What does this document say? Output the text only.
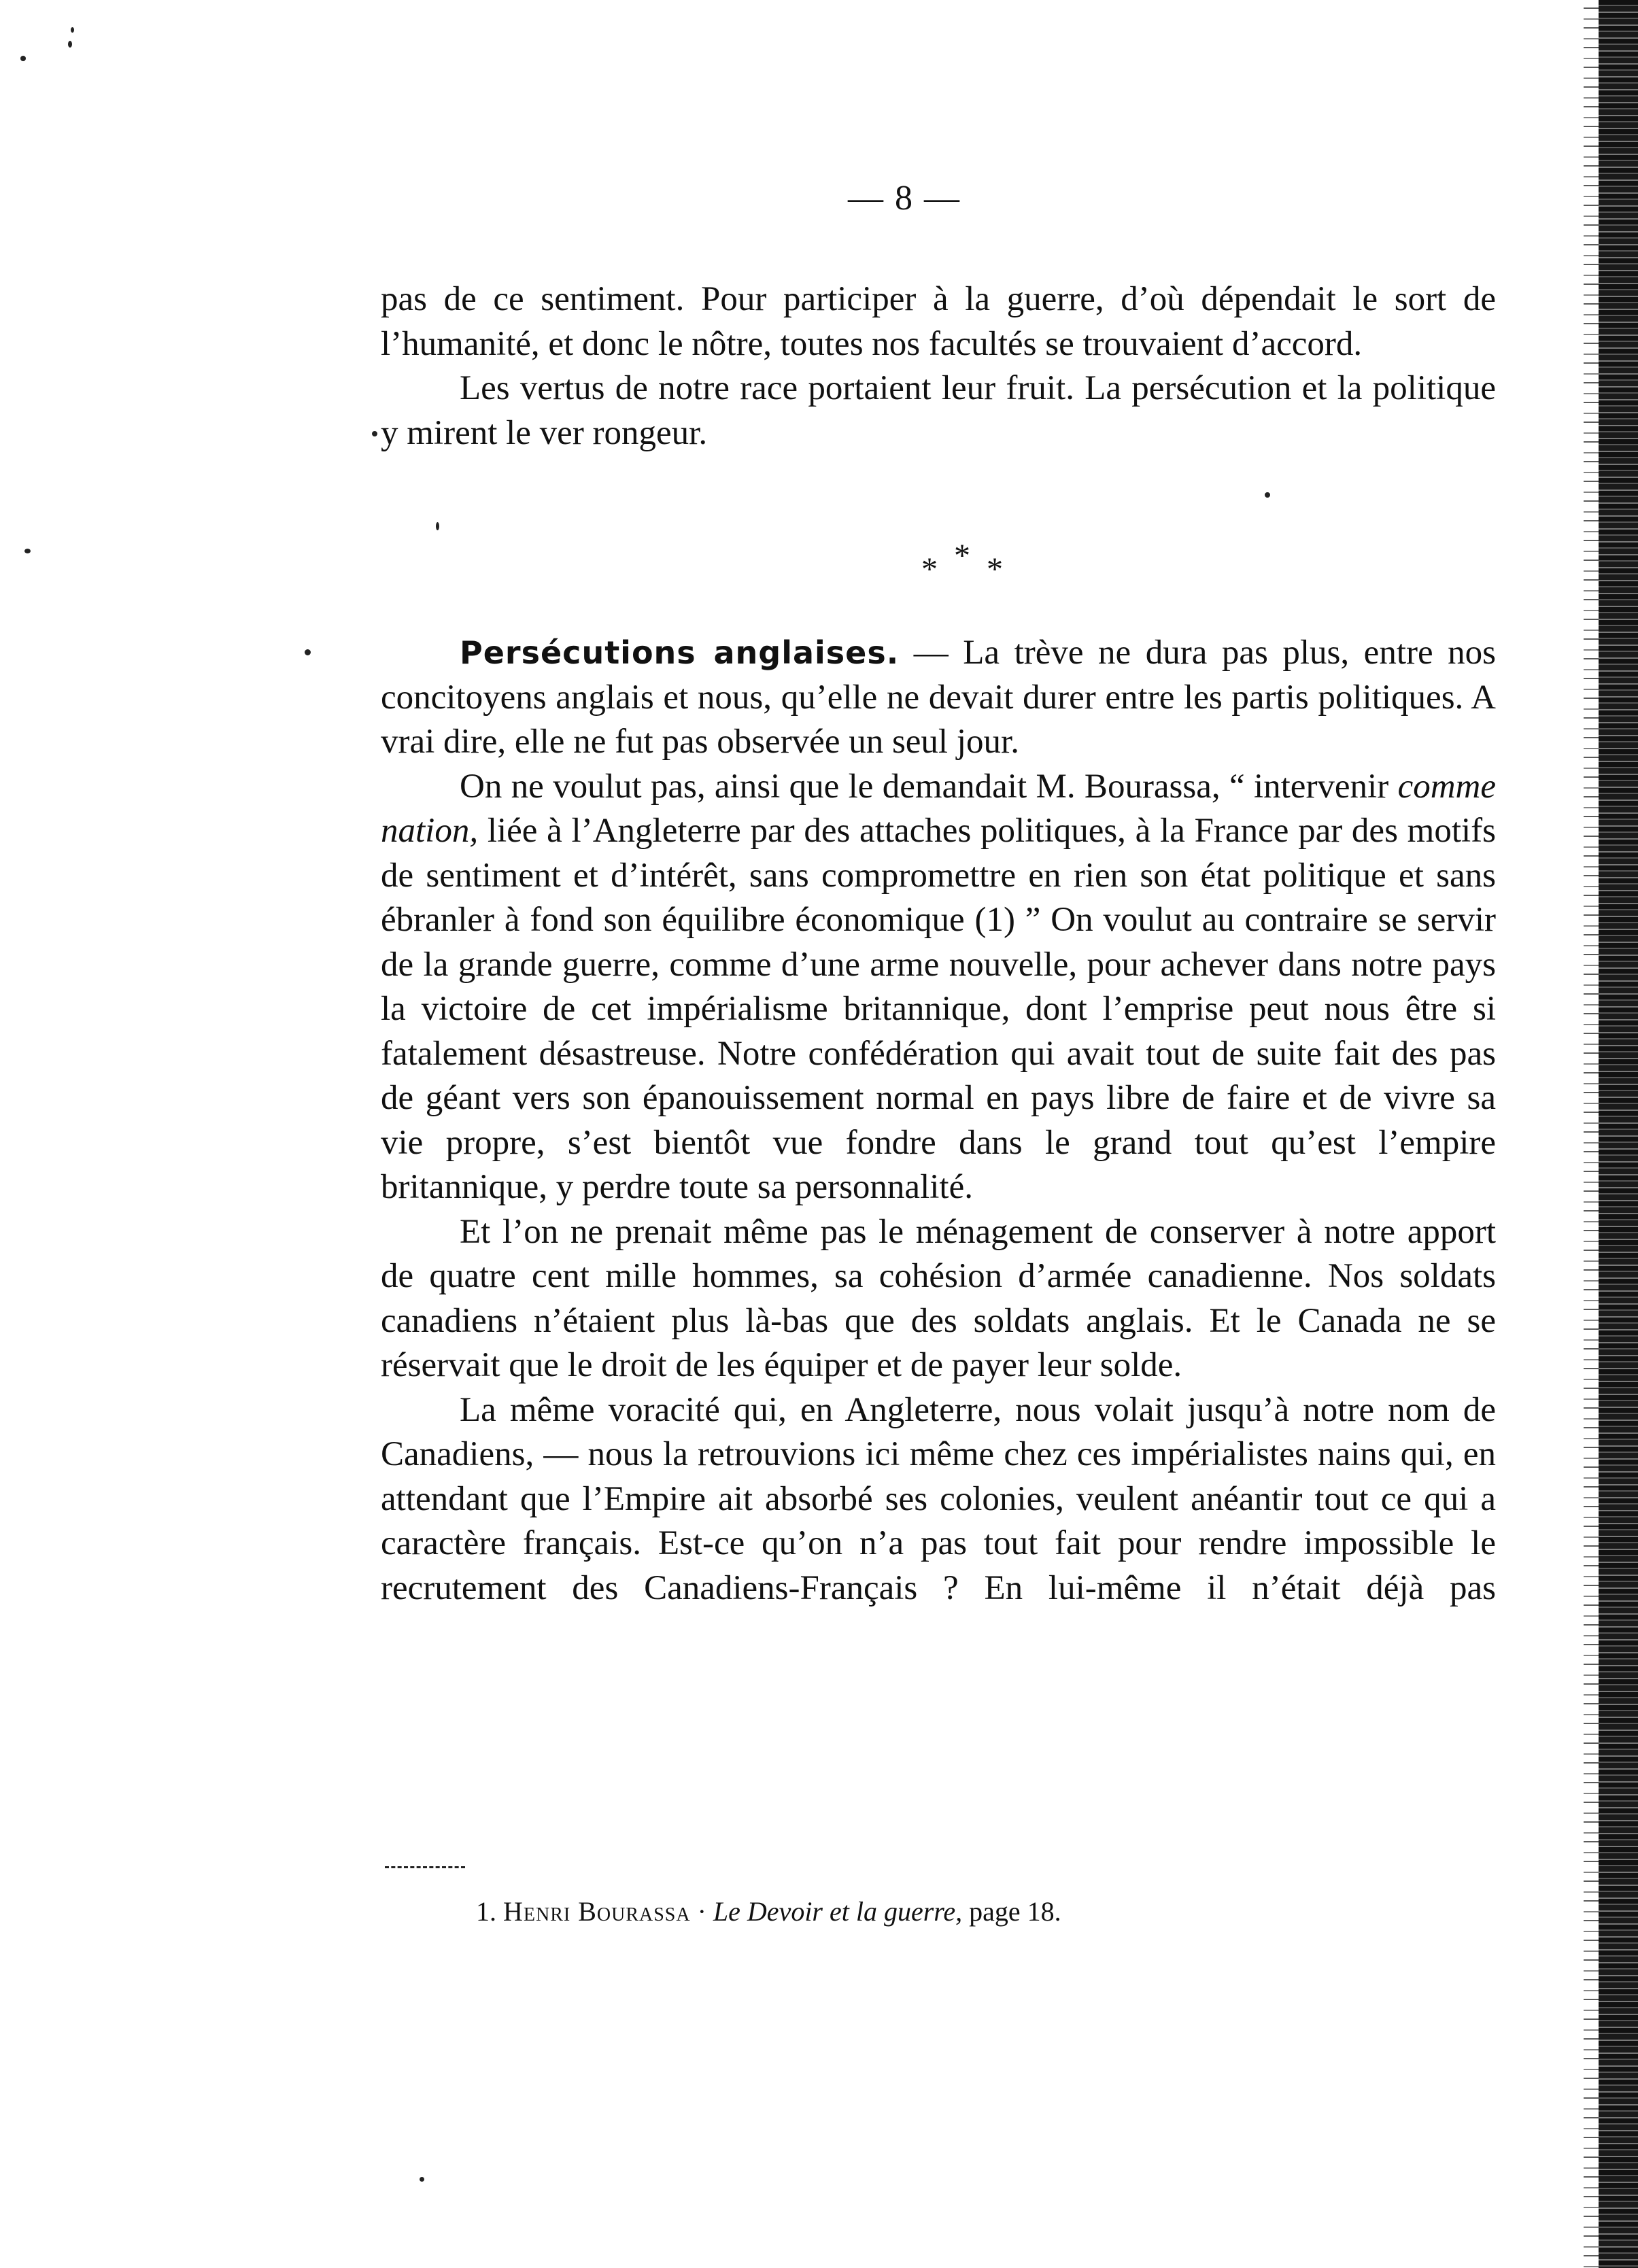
— 8 —

pas de ce sentiment. Pour participer à la guerre, d’où dépendait le sort de l’humanité, et donc le nôtre, toutes nos facultés se trouvaient d’accord.

Les vertus de notre race portaient leur fruit. La persécution et la politique y mirent le ver rongeur.

* * *

Persécutions anglaises. — La trève ne dura pas plus, entre nos concitoyens anglais et nous, qu’elle ne devait durer entre les partis politiques. A vrai dire, elle ne fut pas observée un seul jour.

On ne voulut pas, ainsi que le demandait M. Bourassa, “ intervenir comme nation, liée à l’Angleterre par des attaches politiques, à la France par des motifs de sentiment et d’intérêt, sans compromettre en rien son état politique et sans ébranler à fond son équilibre économique (1) ” On voulut au contraire se servir de la grande guerre, comme d’une arme nouvelle, pour achever dans notre pays la victoire de cet impérialisme britannique, dont l’emprise peut nous être si fatalement désastreuse. Notre confédération qui avait tout de suite fait des pas de géant vers son épanouissement normal en pays libre de faire et de vivre sa vie propre, s’est bientôt vue fondre dans le grand tout qu’est l’empire britannique, y perdre toute sa personnalité.

Et l’on ne prenait même pas le ménagement de conserver à notre apport de quatre cent mille hommes, sa cohésion d’armée canadienne. Nos soldats canadiens n’étaient plus là-bas que des soldats anglais. Et le Canada ne se réservait que le droit de les équiper et de payer leur solde.

La même voracité qui, en Angleterre, nous volait jusqu’à notre nom de Canadiens, — nous la retrouvions ici même chez ces impérialistes nains qui, en attendant que l’Empire ait absorbé ses colonies, veulent anéantir tout ce qui a caractère français. Est-ce qu’on n’a pas tout fait pour rendre impossible le recrutement des Canadiens-Français ? En lui-même il n’était déjà pas

1. Henri Bourassa · Le Devoir et la guerre, page 18.
